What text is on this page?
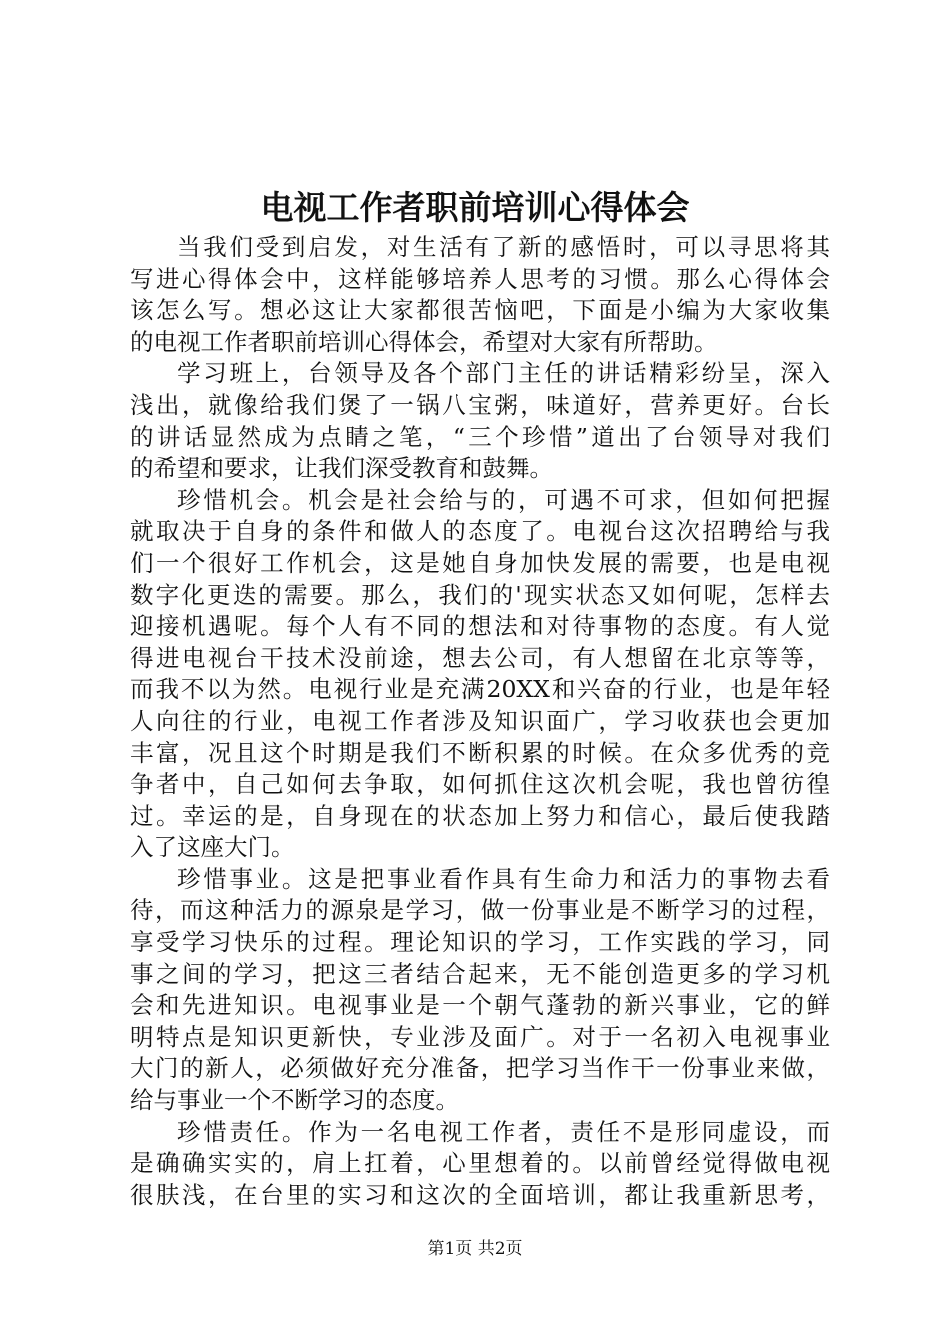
电视工作者职前培训心得体会
当我们受到启发，对生活有了新的感悟时，可以寻思将其
写进心得体会中，这样能够培养人思考的习惯。那么心得体会
该怎么写。想必这让大家都很苦恼吧，下面是小编为大家收集
的电视工作者职前培训心得体会，希望对大家有所帮助。
学习班上，台领导及各个部门主任的讲话精彩纷呈，深入
浅出，就像给我们煲了一锅八宝粥，味道好，营养更好。台长
的讲话显然成为点睛之笔，“三个珍惜”道出了台领导对我们
的希望和要求，让我们深受教育和鼓舞。
珍惜机会。机会是社会给与的，可遇不可求，但如何把握
就取决于自身的条件和做人的态度了。电视台这次招聘给与我
们一个很好工作机会，这是她自身加快发展的需要，也是电视
数字化更迭的需要。那么，我们的'现实状态又如何呢，怎样去
迎接机遇呢。每个人有不同的想法和对待事物的态度。有人觉
得进电视台干技术没前途，想去公司，有人想留在北京等等，
而我不以为然。电视行业是充满20XX和兴奋的行业，也是年轻
人向往的行业，电视工作者涉及知识面广，学习收获也会更加
丰富，况且这个时期是我们不断积累的时候。在众多优秀的竞
争者中，自己如何去争取，如何抓住这次机会呢，我也曾彷徨
过。幸运的是，自身现在的状态加上努力和信心，最后使我踏
入了这座大门。
珍惜事业。这是把事业看作具有生命力和活力的事物去看
待，而这种活力的源泉是学习，做一份事业是不断学习的过程，
享受学习快乐的过程。理论知识的学习，工作实践的学习，同
事之间的学习，把这三者结合起来，无不能创造更多的学习机
会和先进知识。电视事业是一个朝气蓬勃的新兴事业，它的鲜
明特点是知识更新快，专业涉及面广。对于一名初入电视事业
大门的新人，必须做好充分准备，把学习当作干一份事业来做，
给与事业一个不断学习的态度。
珍惜责任。作为一名电视工作者，责任不是形同虚设，而
是确确实实的，肩上扛着，心里想着的。以前曾经觉得做电视
很肤浅，在台里的实习和这次的全面培训，都让我重新思考，
第1页 共2页
